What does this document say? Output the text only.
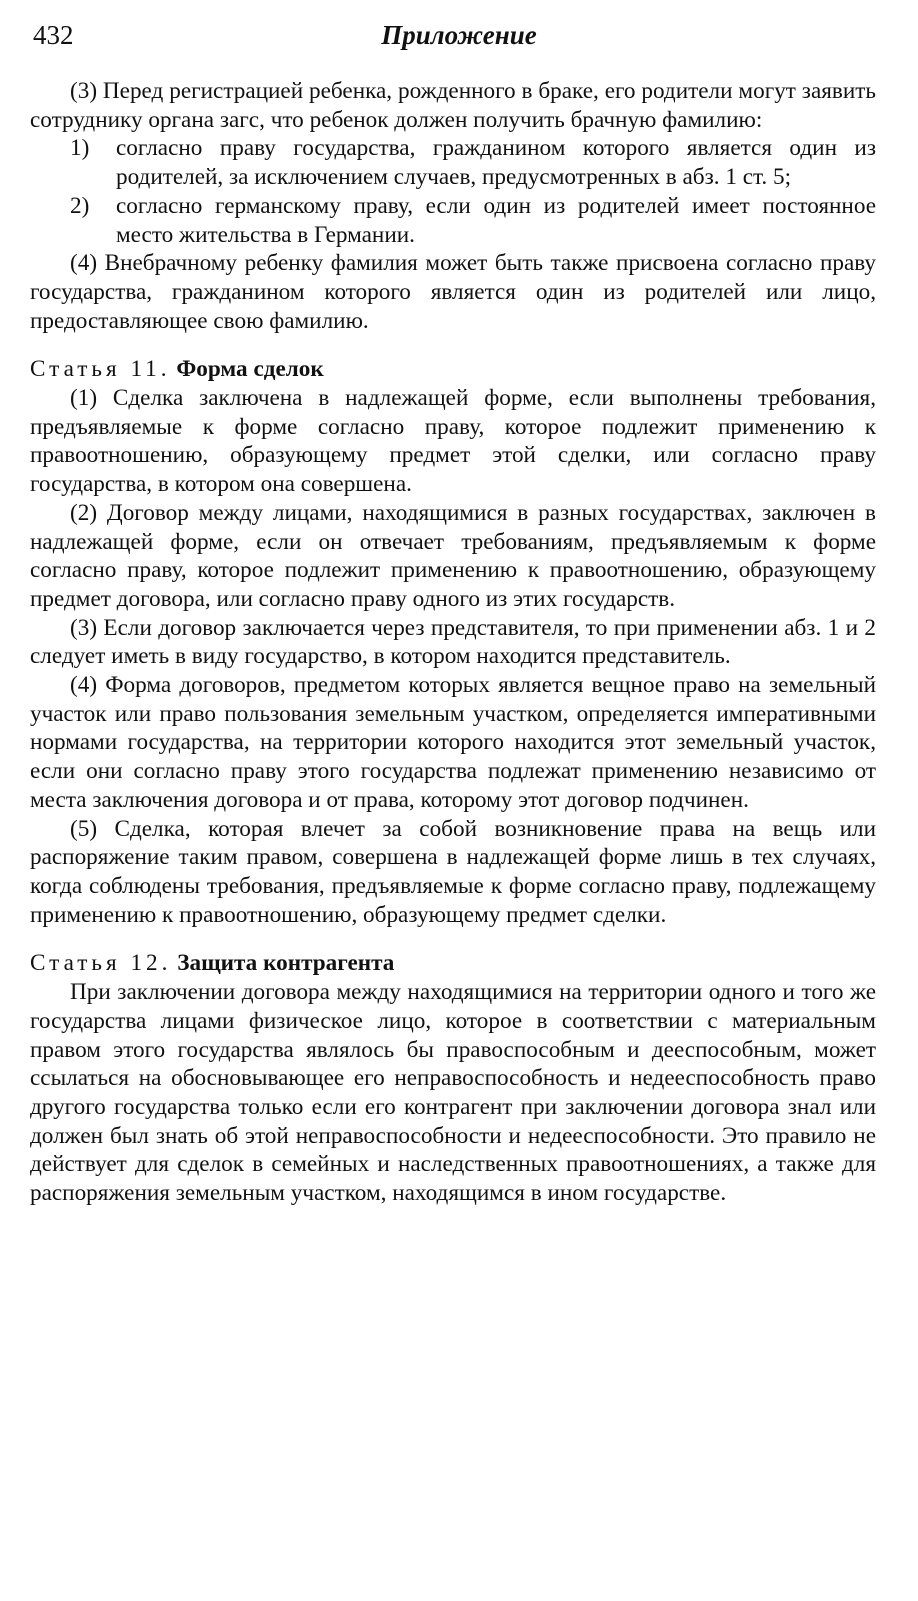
432	Приложение

(3) Перед регистрацией ребенка, рожденного в браке, его родители могут заявить сотруднику органа загс, что ребенок должен получить брачную фамилию:

1)	согласно праву государства, гражданином которого является один из родителей, за исключением случаев, предусмотренных в абз. 1 ст. 5;
2)	согласно германскому праву, если один из родителей имеет постоянное место жительства в Германии.

(4) Внебрачному ребенку фамилия может быть также присвоена согласно праву государства, гражданином которого является один из родителей или лицо, предоставляющее свою фамилию.

Статья 11. Форма сделок

(1) Сделка заключена в надлежащей форме, если выполнены требования, предъявляемые к форме согласно праву, которое подлежит применению к правоотношению, образующему предмет этой сделки, или согласно праву государства, в котором она совершена.

(2) Договор между лицами, находящимися в разных государствах, заключен в надлежащей форме, если он отвечает требованиям, предъявляемым к форме согласно праву, которое подлежит применению к правоотношению, образующему предмет договора, или согласно праву одного из этих государств.

(3) Если договор заключается через представителя, то при применении абз. 1 и 2 следует иметь в виду государство, в котором находится представитель.

(4) Форма договоров, предметом которых является вещное право на земельный участок или право пользования земельным участком, определяется императивными нормами государства, на территории которого находится этот земельный участок, если они согласно праву этого государства подлежат применению независимо от места заключения договора и от права, которому этот договор подчинен.

(5) Сделка, которая влечет за собой возникновение права на вещь или распоряжение таким правом, совершена в надлежащей форме лишь в тех случаях, когда соблюдены требования, предъявляемые к форме согласно праву, подлежащему применению к правоотношению, образующему предмет сделки.

Статья 12. Защита контрагента

При заключении договора между находящимися на территории одного и того же государства лицами физическое лицо, которое в соответствии с материальным правом этого государства являлось бы правоспособным и дееспособным, может ссылаться на обосновывающее его неправоспособность и недееспособность право другого государства только если его контрагент при заключении договора знал или должен был знать об этой неправоспособности и недееспособности. Это правило не действует для сделок в семейных и наследственных правоотношениях, а также для распоряжения земельным участком, находящимся в ином государстве.
